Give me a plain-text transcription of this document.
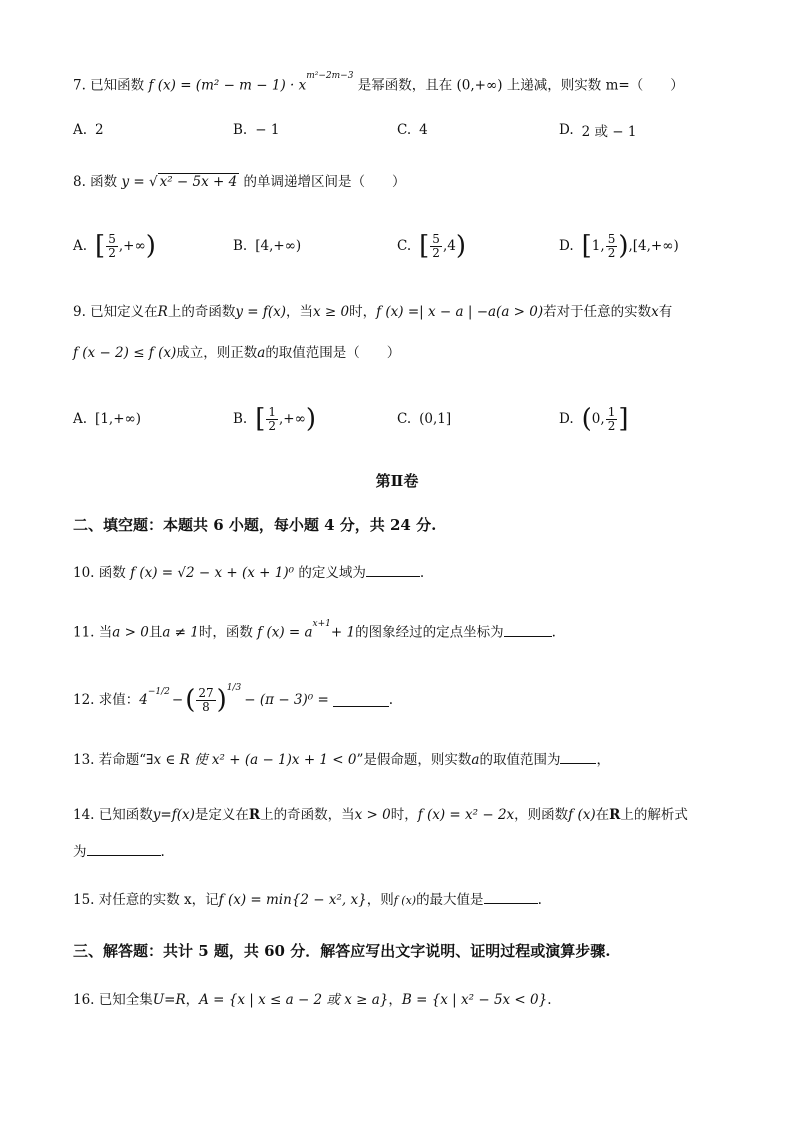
7. 已知函数 f $(x) = (m^2 - m - 1) \cdot x^{m^2-2m-3}$ 是幂函数，且在 (0,+∞) 上递减，则实数 m=（　　）
A. 2	B. − 1	C. 4	D. 2 或 − 1
8. 函数 y = √ x² − 5x + 4 的单调递增区间是（　　）
A. [ $\frac{5}{2}$ ,+∞ )	B. [4,+∞)	C. [ $\frac{5}{2} ,4$ )	D. [ 1, $\frac{5}{2}$ ) ,[4,+∞)
9. 已知定义在R上的奇函数y = f(x)，当x ≥ 0时，f (x) =| x − a | −a(a > 0)若对于任意的实数x有
f (x − 2) ≤ f (x)成立，则正数a的取值范围是（　　）
A. [1,+∞)	B. [ $\frac{1}{2}$ ,+∞ )	C. (0,1]	D. ( 0, $\frac{1}{2}$ ]
第Ⅱ卷
二、填空题：本题共 6 小题，每小题 4 分，共 24 分.
10. 函数 f (x) = √2 − x + (x + 1)⁰ 的定义域为	.
11. 当a > 0且a ≠ 1时，函数 f $(x) = a^{x+1}+ 1$的图象经过的定点坐标为	.
12. 求值： $4^{-1/2}$ − ( $\frac{27}{8} )^{1/3}$
− (π − 3)⁰ =	.
13. 若命题“∃x ∈ R 使 x² + (a − 1)x + 1 < 0”是假命题，则实数a的取值范围为	，
14. 已知函数y=f(x)是定义在R上的奇函数，当x > 0时，f (x) = x² − 2x，则函数f (x)在R上的解析式
为	.
15. 对任意的实数 x，记f (x) = min{2 − x², x}，则f (x)的最大值是	.
三、解答题：共计 5 题，共 60 分．解答应写出文字说明、证明过程或演算步骤.
16. 已知全集U=R，A = {x | x ≤ a − 2 或 x ≥ a}，B = {x | x² − 5x < 0}.
